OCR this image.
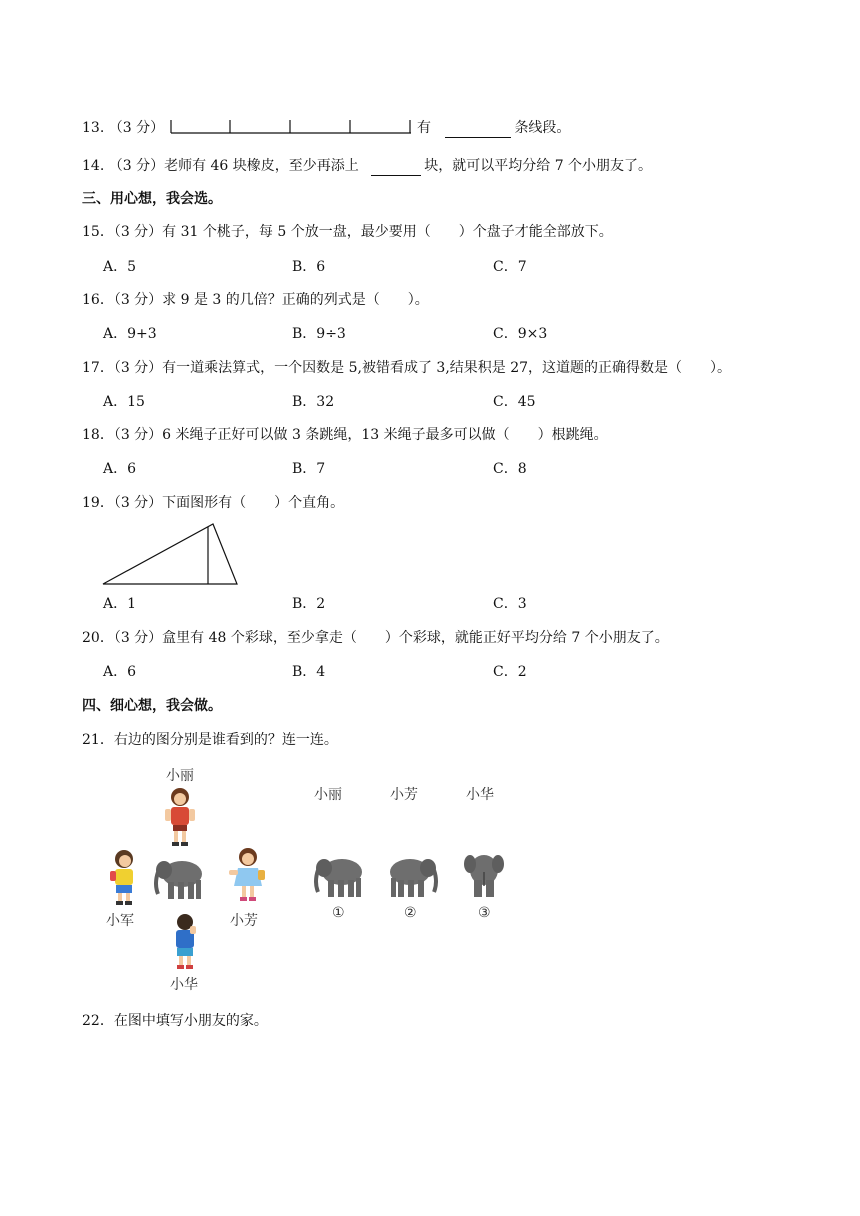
13. （3 分）	有	条线段。
14. （3 分）老师有 46 块橡皮，至少再添上	块，就可以平均分给 7 个小朋友了。
三、用心想，我会选。
15．（3 分）有 31 个桃子，每 5 个放一盘，最少要用（　　）个盘子才能全部放下。
A．5	B．6	C．7
16．（3 分）求 9 是 3 的几倍？正确的列式是（　　）。
A．9+3	B．9÷3	C．9×3
17．（3 分）有一道乘法算式，一个因数是 5,被错看成了 3,结果积是 27，这道题的正确得数是（　　）。
A．15	B．32	C．45
18．（3 分）6 米绳子正好可以做 3 条跳绳，13 米绳子最多可以做（　　）根跳绳。
A．6	B．7	C．8
19．（3 分）下面图形有（　　）个直角。
A．1	B．2	C．3
20．（3 分）盒里有 48 个彩球，至少拿走（　　）个彩球，就能正好平均分给 7 个小朋友了。
A．6	B．4	C．2
四、细心想，我会做。
21．右边的图分别是谁看到的？连一连。
小丽
小军	小芳
小华
小丽	小芳	小华
①	②	③
22．在图中填写小朋友的家。
